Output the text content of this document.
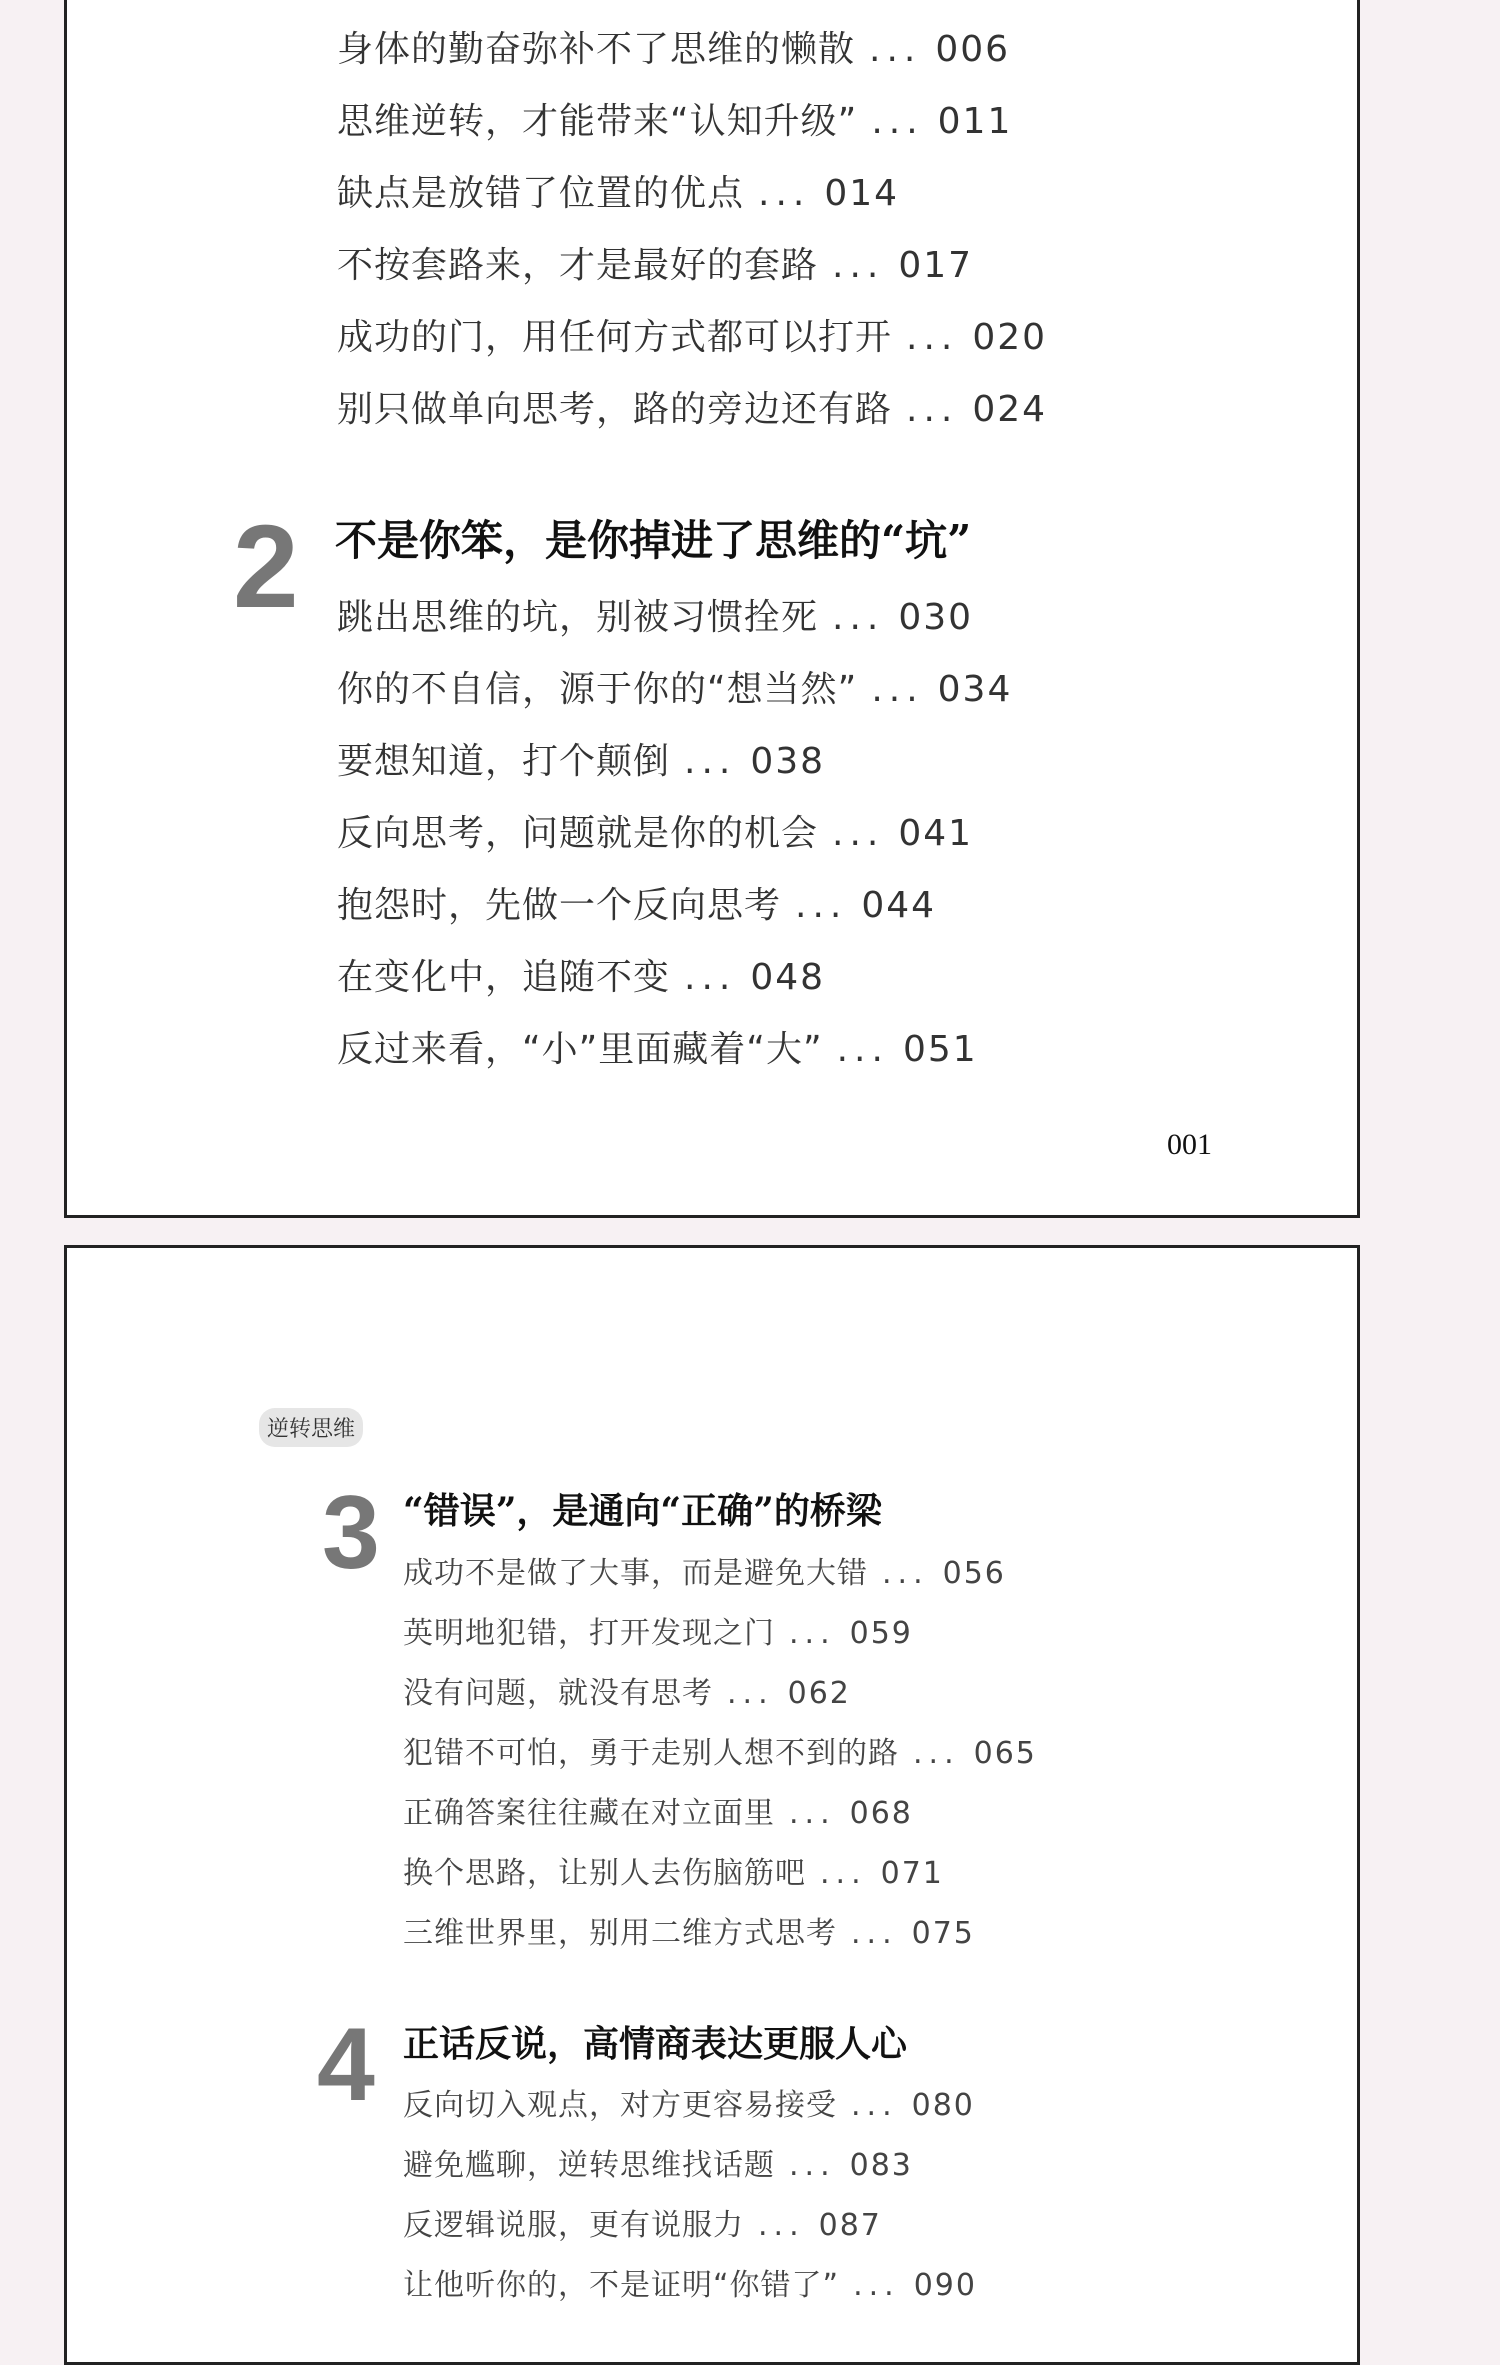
身体的勤奋弥补不了思维的懒散 ... 006
思维逆转，才能带来“认知升级” ... 011
缺点是放错了位置的优点 ... 014
不按套路来，才是最好的套路 ... 017
成功的门，用任何方式都可以打开 ... 020
别只做单向思考，路的旁边还有路 ... 024
2 不是你笨，是你掉进了思维的“坑”
跳出思维的坑，别被习惯拴死 ... 030
你的不自信，源于你的“想当然” ... 034
要想知道，打个颠倒 ... 038
反向思考，问题就是你的机会 ... 041
抱怨时，先做一个反向思考 ... 044
在变化中，追随不变 ... 048
反过来看，“小”里面藏着“大” ... 051
001
逆转思维
3 “错误”，是通向“正确”的桥梁
成功不是做了大事，而是避免大错 ... 056
英明地犯错，打开发现之门 ... 059
没有问题，就没有思考 ... 062
犯错不可怕，勇于走别人想不到的路 ... 065
正确答案往往藏在对立面里 ... 068
换个思路，让别人去伤脑筋吧 ... 071
三维世界里，别用二维方式思考 ... 075
4 正话反说，高情商表达更服人心
反向切入观点，对方更容易接受 ... 080
避免尴聊，逆转思维找话题 ... 083
反逻辑说服，更有说服力 ... 087
让他听你的，不是证明“你错了” ... 090
